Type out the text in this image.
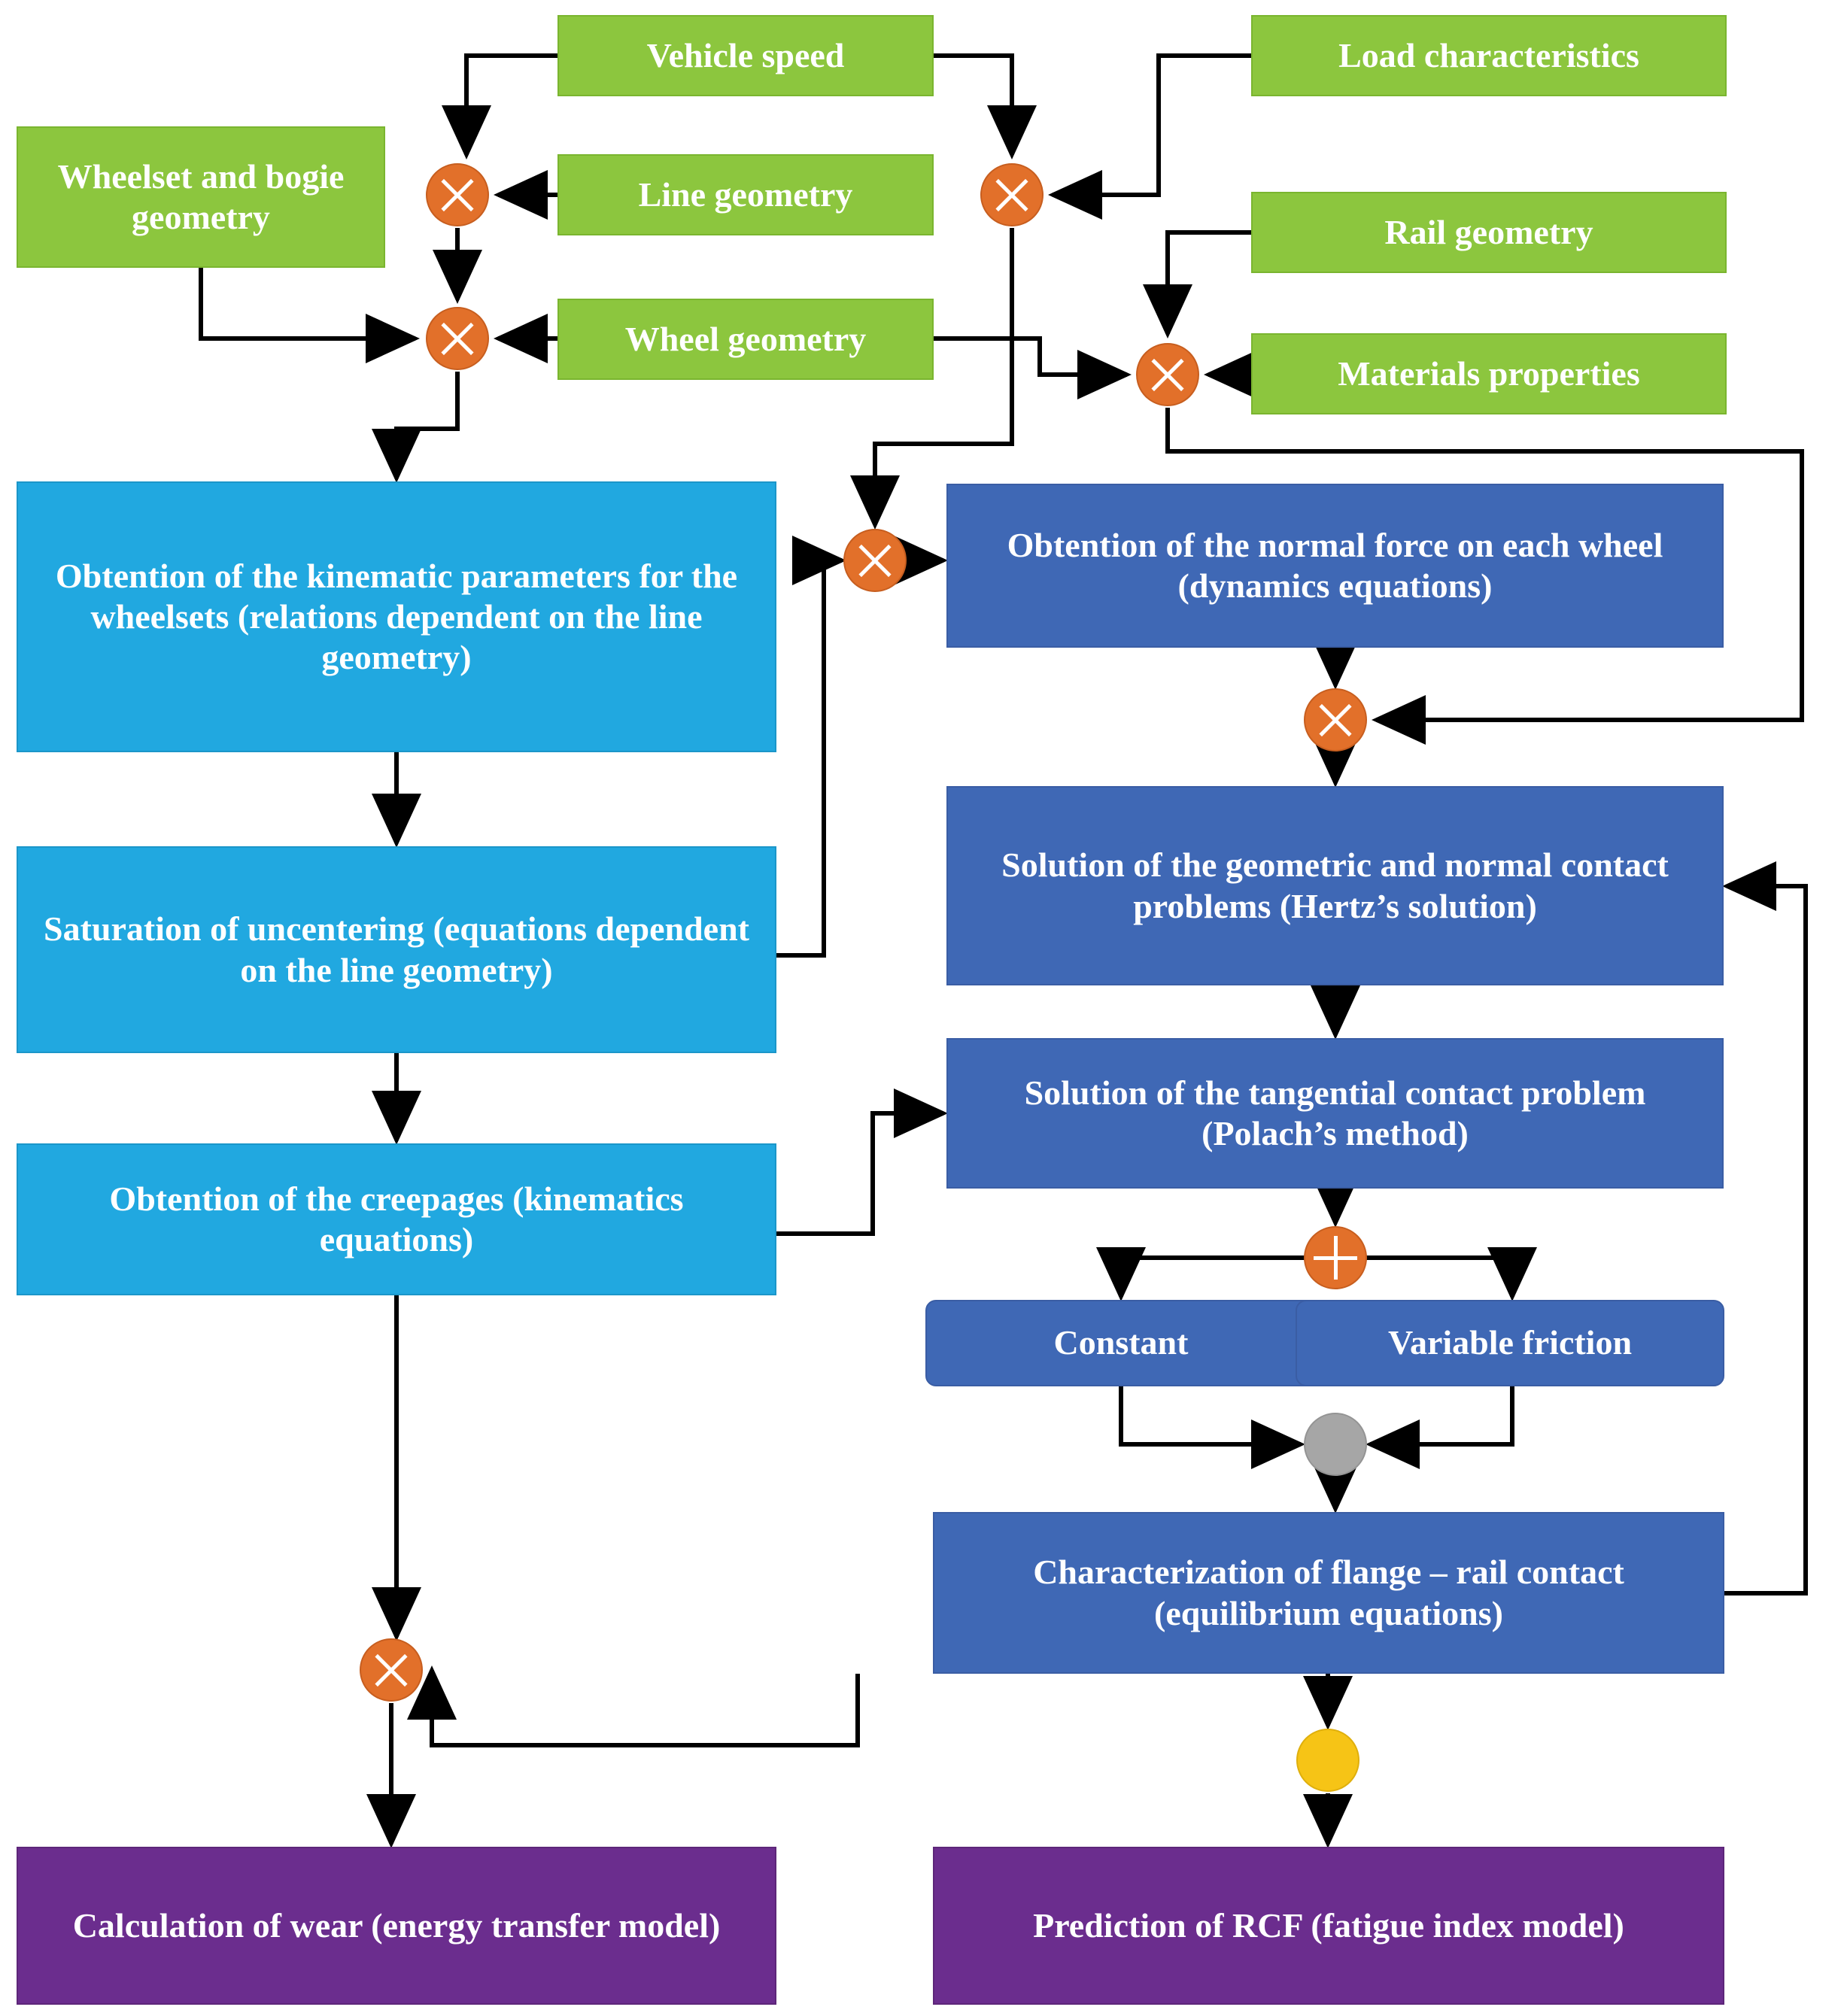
Vehicle speed	Load characteristics
Wheelset and bogie geometry
Line geometry
Rail geometry
Wheel geometry
Materials properties
Obtention of the kinematic parameters for the wheelsets (relations dependent on the line geometry)
Obtention of the normal force on each wheel (dynamics equations)
Saturation of uncentering (equations dependent on the line geometry)
Solution of the geometric and normal contact problems (Hertz’s solution)
Solution of the tangential contact problem (Polach’s method)
Obtention of the creepages (kinematics equations)
Constant	Variable friction
Characterization of flange – rail contact (equilibrium equations)
Calculation of wear (energy transfer model)	Prediction of RCF (fatigue index model)
